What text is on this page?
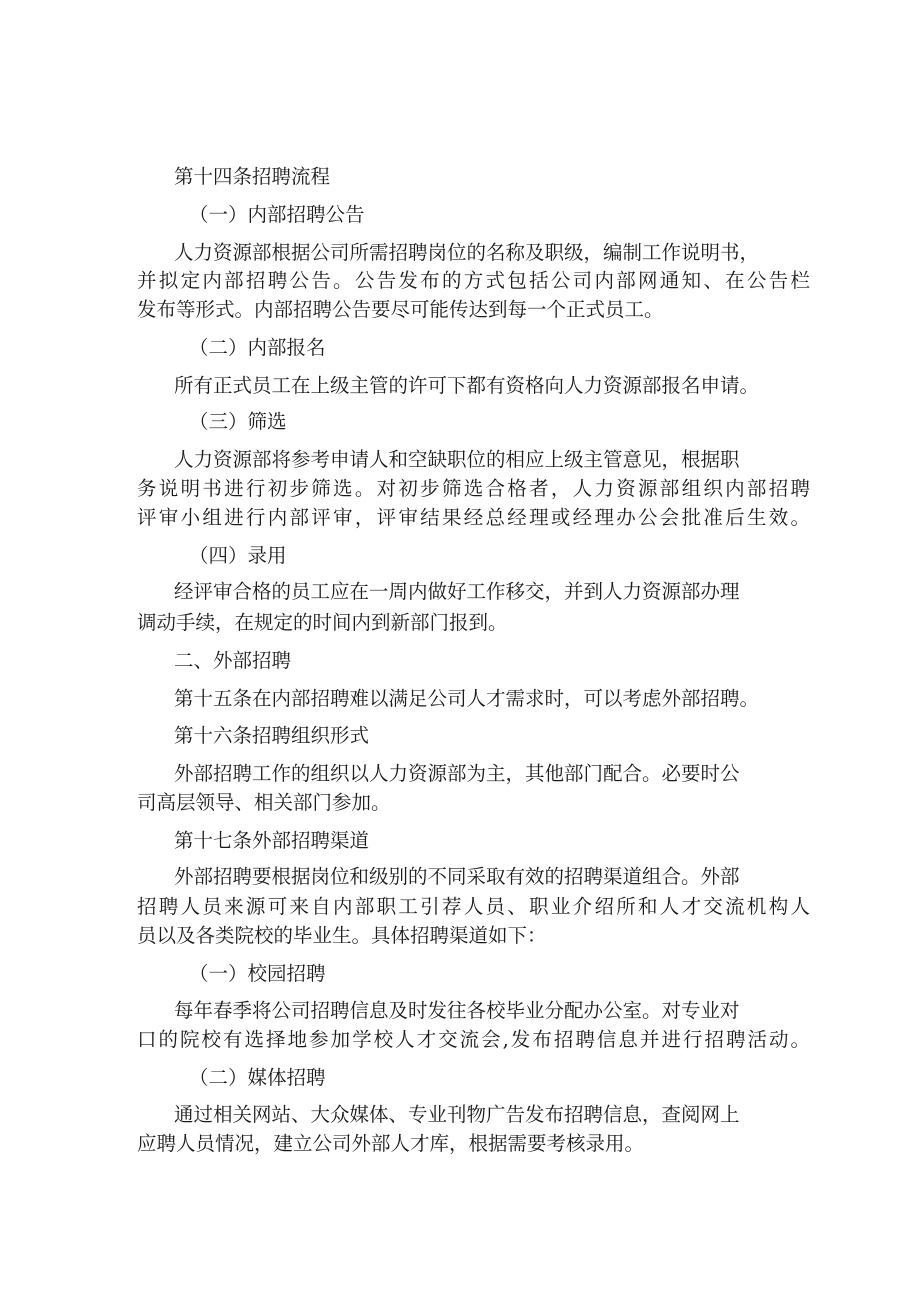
第十四条招聘流程
（一）内部招聘公告
人力资源部根据公司所需招聘岗位的名称及职级，编制工作说明书，
并拟定内部招聘公告。公告发布的方式包括公司内部网通知、在公告栏
发布等形式。内部招聘公告要尽可能传达到每一个正式员工。
（二）内部报名
所有正式员工在上级主管的许可下都有资格向人力资源部报名申请。
（三）筛选
人力资源部将参考申请人和空缺职位的相应上级主管意见，根据职
务说明书进行初步筛选。对初步筛选合格者，人力资源部组织内部招聘
评审小组进行内部评审，评审结果经总经理或经理办公会批准后生效。
（四）录用
经评审合格的员工应在一周内做好工作移交，并到人力资源部办理
调动手续，在规定的时间内到新部门报到。
二、外部招聘
第十五条在内部招聘难以满足公司人才需求时，可以考虑外部招聘。
第十六条招聘组织形式
外部招聘工作的组织以人力资源部为主，其他部门配合。必要时公
司高层领导、相关部门参加。
第十七条外部招聘渠道
外部招聘要根据岗位和级别的不同采取有效的招聘渠道组合。外部
招聘人员来源可来自内部职工引荐人员、职业介绍所和人才交流机构人
员以及各类院校的毕业生。具体招聘渠道如下：
（一）校园招聘
每年春季将公司招聘信息及时发往各校毕业分配办公室。对专业对
口的院校有选择地参加学校人才交流会,发布招聘信息并进行招聘活动。
（二）媒体招聘
通过相关网站、大众媒体、专业刊物广告发布招聘信息，查阅网上
应聘人员情况，建立公司外部人才库，根据需要考核录用。
